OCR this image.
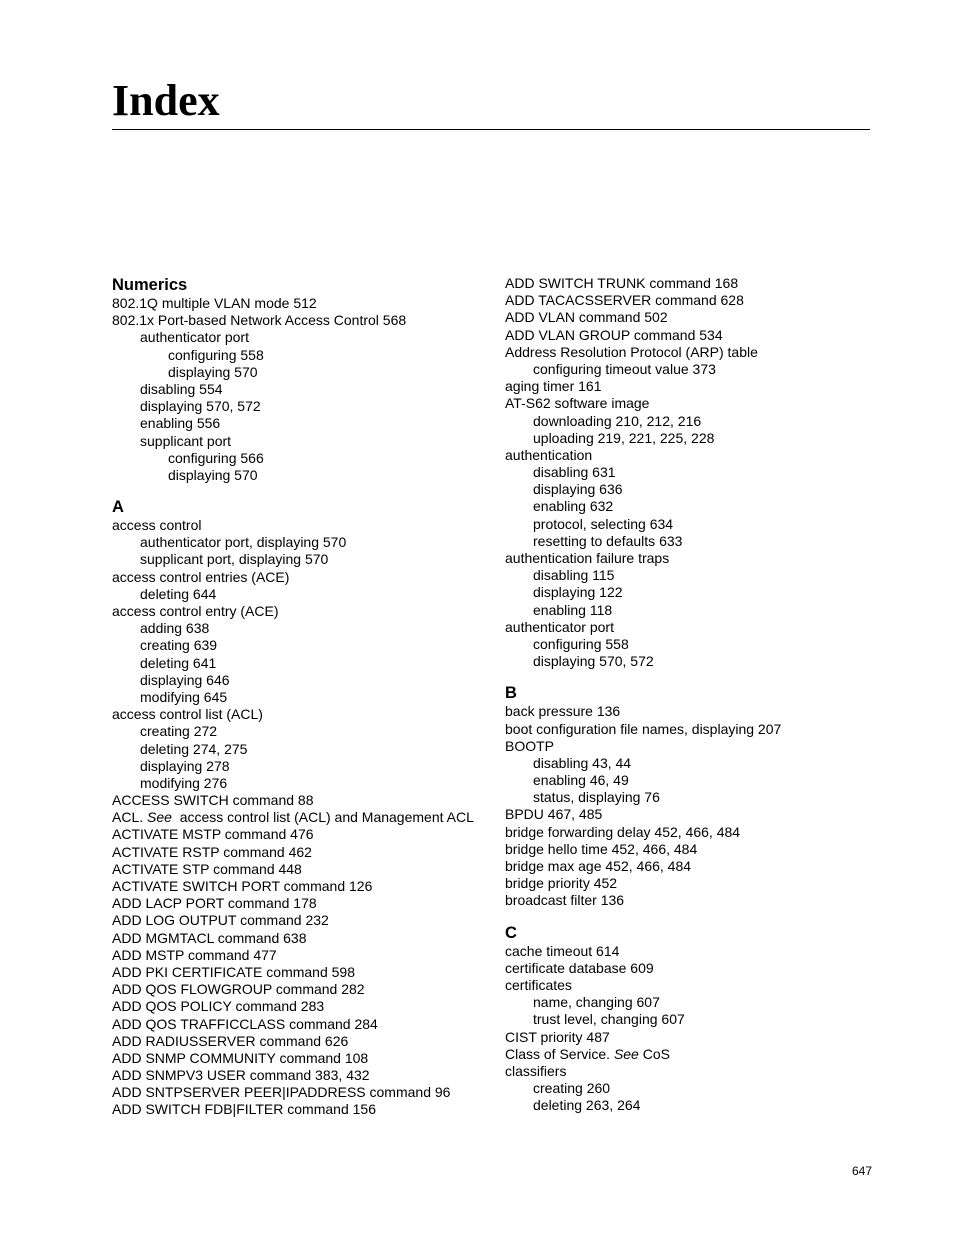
Index
Numerics
802.1Q multiple VLAN mode 512
802.1x Port-based Network Access Control 568
authenticator port
configuring 558
displaying 570
disabling 554
displaying 570, 572
enabling 556
supplicant port
configuring 566
displaying 570
A
access control
authenticator port, displaying 570
supplicant port, displaying 570
access control entries (ACE)
deleting 644
access control entry (ACE)
adding 638
creating 639
deleting 641
displaying 646
modifying 645
access control list (ACL)
creating 272
deleting 274, 275
displaying 278
modifying 276
ACCESS SWITCH command 88
ACL. See  access control list (ACL) and Management ACL
ACTIVATE MSTP command 476
ACTIVATE RSTP command 462
ACTIVATE STP command 448
ACTIVATE SWITCH PORT command 126
ADD LACP PORT command 178
ADD LOG OUTPUT command 232
ADD MGMTACL command 638
ADD MSTP command 477
ADD PKI CERTIFICATE command 598
ADD QOS FLOWGROUP command 282
ADD QOS POLICY command 283
ADD QOS TRAFFICCLASS command 284
ADD RADIUSSERVER command 626
ADD SNMP COMMUNITY command 108
ADD SNMPV3 USER command 383, 432
ADD SNTPSERVER PEER|IPADDRESS command 96
ADD SWITCH FDB|FILTER command 156
ADD SWITCH TRUNK command 168
ADD TACACSSERVER command 628
ADD VLAN command 502
ADD VLAN GROUP command 534
Address Resolution Protocol (ARP) table
configuring timeout value 373
aging timer 161
AT-S62 software image
downloading 210, 212, 216
uploading 219, 221, 225, 228
authentication
disabling 631
displaying 636
enabling 632
protocol, selecting 634
resetting to defaults 633
authentication failure traps
disabling 115
displaying 122
enabling 118
authenticator port
configuring 558
displaying 570, 572
B
back pressure 136
boot configuration file names, displaying 207
BOOTP
disabling 43, 44
enabling 46, 49
status, displaying 76
BPDU 467, 485
bridge forwarding delay 452, 466, 484
bridge hello time 452, 466, 484
bridge max age 452, 466, 484
bridge priority 452
broadcast filter 136
C
cache timeout 614
certificate database 609
certificates
name, changing 607
trust level, changing 607
CIST priority 487
Class of Service. See CoS
classifiers
creating 260
deleting 263, 264
647
